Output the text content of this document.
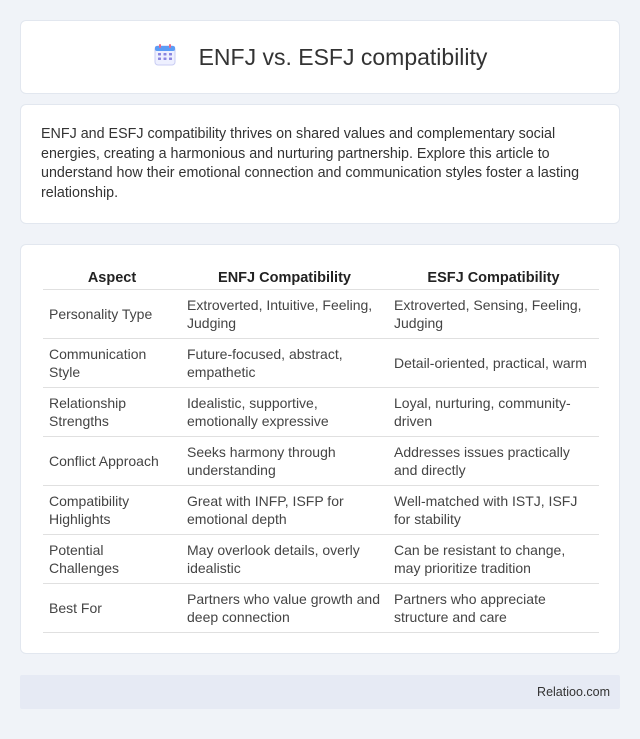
ENFJ vs. ESFJ compatibility

ENFJ and ESFJ compatibility thrives on shared values and complementary social energies, creating a harmonious and nurturing partnership. Explore this article to understand how their emotional connection and communication styles foster a lasting relationship.

Aspect	ENFJ Compatibility	ESFJ Compatibility
Personality Type	Extroverted, Intuitive, Feeling, Judging	Extroverted, Sensing, Feeling, Judging
Communication Style	Future-focused, abstract, empathetic	Detail-oriented, practical, warm
Relationship Strengths	Idealistic, supportive, emotionally expressive	Loyal, nurturing, community-driven
Conflict Approach	Seeks harmony through understanding	Addresses issues practically and directly
Compatibility Highlights	Great with INFP, ISFP for emotional depth	Well-matched with ISTJ, ISFJ for stability
Potential Challenges	May overlook details, overly idealistic	Can be resistant to change, may prioritize tradition
Best For	Partners who value growth and deep connection	Partners who appreciate structure and care
Relatioo.com
